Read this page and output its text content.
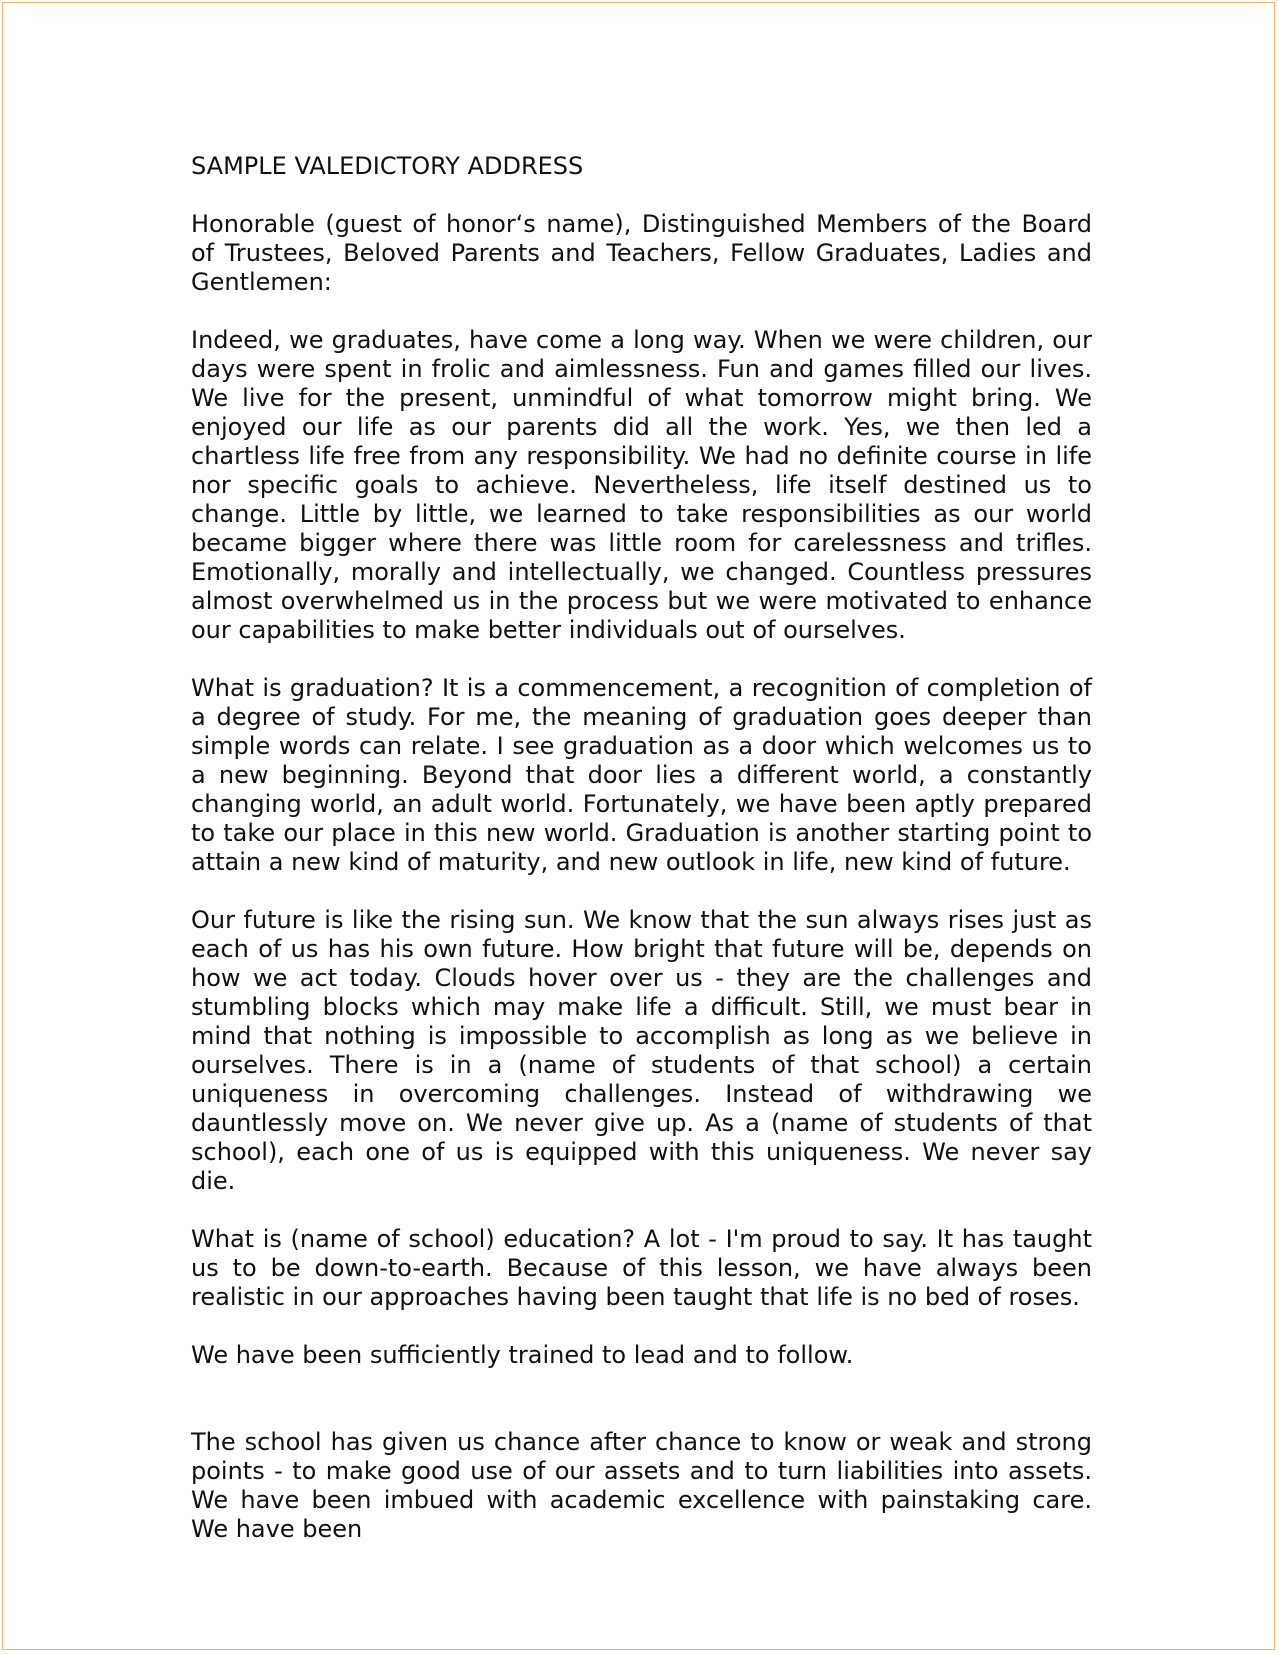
SAMPLE VALEDICTORY ADDRESS

Honorable (guest of honor‘s name), Distinguished Members of the Board of Trustees, Beloved Parents and Teachers, Fellow Graduates, Ladies and Gentlemen:

Indeed, we graduates, have come a long way. When we were children, our days were spent in frolic and aimlessness. Fun and games filled our lives. We live for the present, unmindful of what tomorrow might bring. We enjoyed our life as our parents did all the work. Yes, we then led a chartless life free from any responsibility. We had no definite course in life nor specific goals to achieve. Nevertheless, life itself destined us to change. Little by little, we learned to take responsibilities as our world became bigger where there was little room for carelessness and trifles. Emotionally, morally and intellectually, we changed. Countless pressures almost overwhelmed us in the process but we were motivated to enhance our capabilities to make better individuals out of ourselves.

What is graduation? It is a commencement, a recognition of completion of a degree of study. For me, the meaning of graduation goes deeper than simple words can relate. I see graduation as a door which welcomes us to a new beginning. Beyond that door lies a different world, a constantly changing world, an adult world. Fortunately, we have been aptly prepared to take our place in this new world. Graduation is another starting point to attain a new kind of maturity, and new outlook in life, new kind of future.

Our future is like the rising sun. We know that the sun always rises just as each of us has his own future. How bright that future will be, depends on how we act today. Clouds hover over us - they are the challenges and stumbling blocks which may make life a difficult. Still, we must bear in mind that nothing is impossible to accomplish as long as we believe in ourselves. There is in a (name of students of that school) a certain uniqueness in overcoming challenges. Instead of withdrawing we dauntlessly move on. We never give up. As a (name of students of that school), each one of us is equipped with this uniqueness. We never say die.

What is (name of school) education? A lot - I'm proud to say. It has taught us to be down-to-earth. Because of this lesson, we have always been realistic in our approaches having been taught that life is no bed of roses.

We have been sufficiently trained to lead and to follow.

The school has given us chance after chance to know or weak and strong points - to make good use of our assets and to turn liabilities into assets. We have been imbued with academic excellence with painstaking care. We have been
